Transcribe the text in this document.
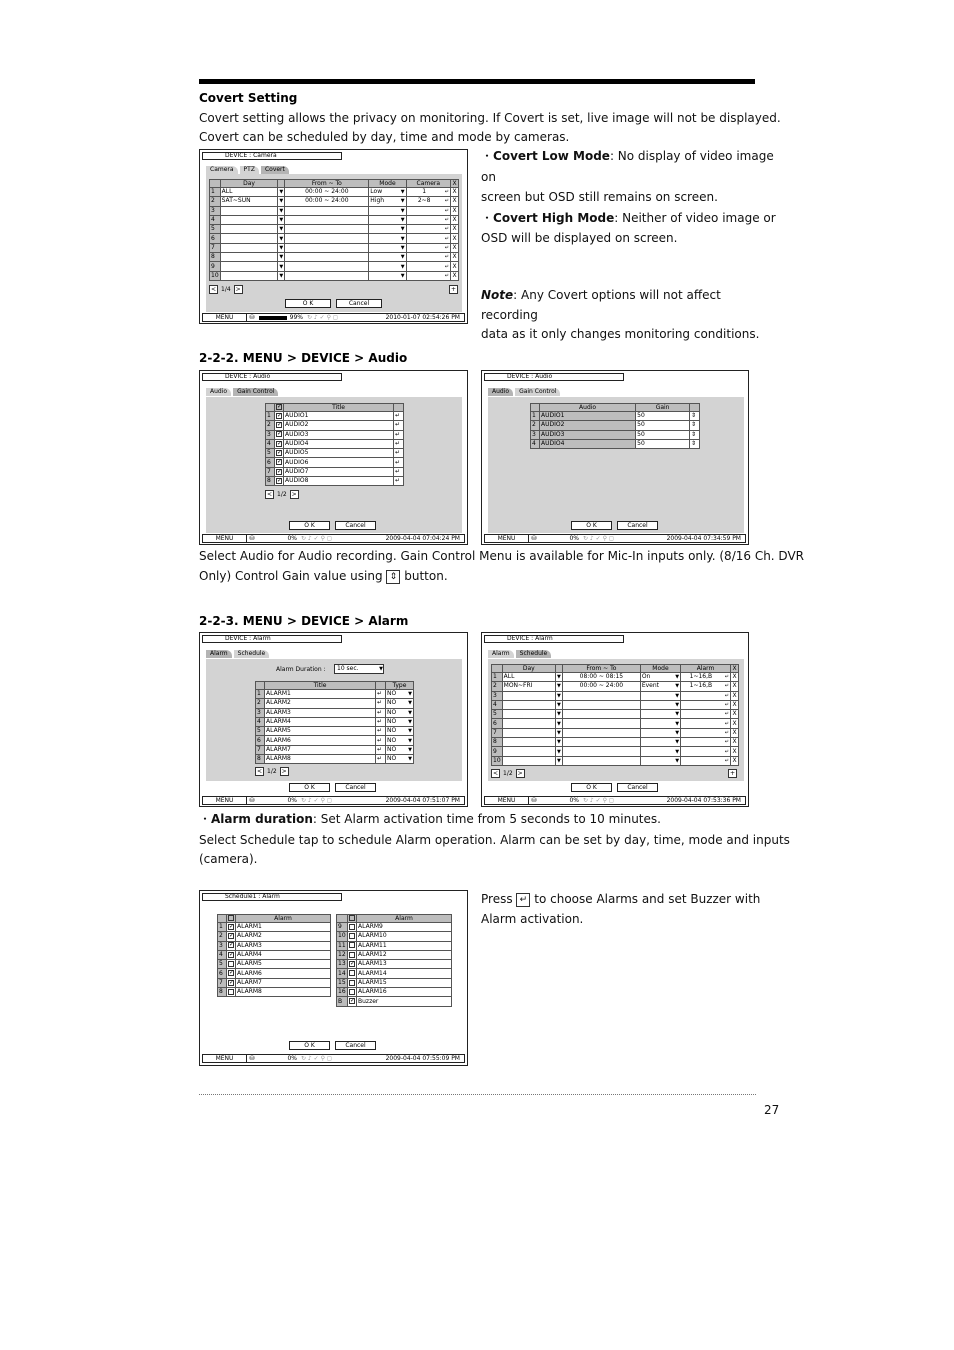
Covert Setting
Covert setting allows the privacy on monitoring. If Covert is set, live image will not be displayed.
Covert can be scheduled by day, time and mode by cameras.
・Covert Low Mode: No display of video image on
screen but OSD still remains on screen.
・Covert High Mode: Neither of video image or
OSD will be displayed on screen.
Note: Any Covert options will not affect recording
data as it only changes monitoring conditions.
DEVICE : Camera
Camera	PTZ	Covert
	Day		From ~ To	Mode	Camera	X
1	ALL	▼	00:00 ~ 24:00	Low ▼	1 ↵	X
2	SAT~SUN	▼	00:00 ~ 24:00	High ▼	2~8 ↵	X
3		▼		▼	↵	X
4		▼		▼	↵	X
5		▼		▼	↵	X
6		▼		▼	↵	X
7		▼		▼	↵	X
8		▼		▼	↵	X
9		▼		▼	↵	X
10		▼		▼	↵	X
< 1/4 >	+
O K	Cancel
MENU	⛁	99% ↻ ♪ ✓ ⚲ ◻	2010-01-07 02:54:26 PM
2-2-2. MENU > DEVICE > Audio
DEVICE : Audio
Audio	Gain Control
	✓	Title	
1	✓	AUDIO1	↵
2	✓	AUDIO2	↵
3	✓	AUDIO3	↵
4	✓	AUDIO4	↵
5	✓	AUDIO5	↵
6	✓	AUDIO6	↵
7	✓	AUDIO7	↵
8	✓	AUDIO8	↵
< 1/2 >
O K	Cancel
MENU	⛁	0% ↻ ♪ ✓ ⚲ ◻	2009-04-04 07:04:24 PM
DEVICE : Audio
Audio	Gain Control
	Audio	Gain	
1	AUDIO1	50	⇕
2	AUDIO2	50	⇕
3	AUDIO3	50	⇕
4	AUDIO4	50	⇕
O K	Cancel
MENU	⛁	0% ↻ ♪ ✓ ⚲ ◻	2009-04-04 07:34:59 PM
Select Audio for Audio recording. Gain Control Menu is available for Mic-In inputs only. (8/16 Ch. DVR
Only) Control Gain value using ⇕ button.
2-2-3. MENU > DEVICE > Alarm
DEVICE : Alarm
Alarm	Schedule
Alarm Duration :	10 sec.	▼
	Title		Type
1	ALARM1	↵	NO ▼

2	ALARM2	↵	NO ▼

3	ALARM3	↵	NO ▼

4	ALARM4	↵	NO ▼

5	ALARM5	↵	NO ▼

6	ALARM6	↵	NO ▼

7	ALARM7	↵	NO ▼

8	ALARM8	↵	NO ▼
< 1/2 >
O K	Cancel
MENU	⛁	0% ↻ ♪ ✓ ⚲ ◻	2009-04-04 07:51:07 PM
DEVICE : Alarm
Alarm	Schedule
	Day		From ~ To	Mode	Alarm	X
1	ALL	▼	08:00 ~ 08:15	On ▼	1~16,B ↵	X
2	MON~FRI	▼	00:00 ~ 24:00	Event ▼	1~16,B ↵	X
3		▼		▼	↵	X
4		▼		▼	↵	X
5		▼		▼	↵	X
6		▼		▼	↵	X
7		▼		▼	↵	X
8		▼		▼	↵	X
9		▼		▼	↵	X
10		▼		▼	↵	X
< 1/2 >	+
O K	Cancel
MENU	⛁	0% ↻ ♪ ✓ ⚲ ◻	2009-04-04 07:53:36 PM
・Alarm duration: Set Alarm activation time from 5 seconds to 10 minutes.
Select Schedule tap to schedule Alarm operation. Alarm can be set by day, time, mode and inputs
(camera).
Schedule1 : Alarm
		Alarm
1	✓	ALARM1
2	✓	ALARM2
3	✓	ALARM3
4	✓	ALARM4
5		ALARM5
6	✓	ALARM6
7	✓	ALARM7
8		ALARM8
		Alarm
9		ALARM9
10		ALARM10
11		ALARM11
12		ALARM12
13	✓	ALARM13
14		ALARM14
15		ALARM15
16		ALARM16
B	✓	Buzzer
O K	Cancel
MENU	⛁	0% ↻ ♪ ✓ ⚲ ◻	2009-04-04 07:55:09 PM
Press ↵ to choose Alarms and set Buzzer with
Alarm activation.
27
